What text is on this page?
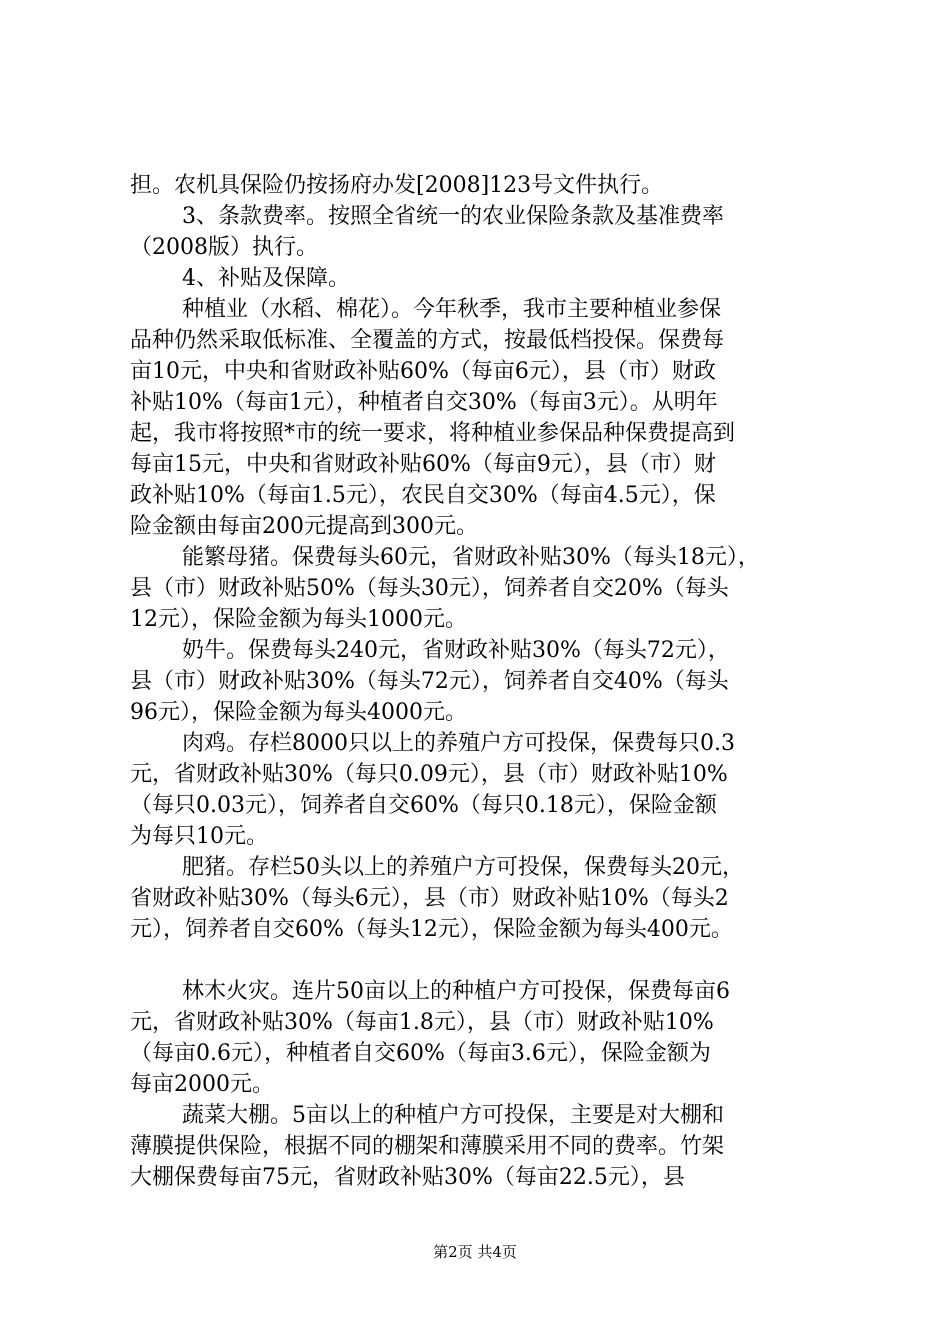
担。农机具保险仍按扬府办发[2008]123号文件执行。
3、条款费率。按照全省统一的农业保险条款及基准费率
（2008版）执行。
4、补贴及保障。
种植业（水稻、棉花）。今年秋季，我市主要种植业参保
品种仍然采取低标准、全覆盖的方式，按最低档投保。保费每
亩10元，中央和省财政补贴60%（每亩6元），县（市）财政
补贴10%（每亩1元），种植者自交30%（每亩3元）。从明年
起，我市将按照*市的统一要求，将种植业参保品种保费提高到
每亩15元，中央和省财政补贴60%（每亩9元），县（市）财
政补贴10%（每亩1.5元），农民自交30%（每亩4.5元），保
险金额由每亩200元提高到300元。
能繁母猪。保费每头60元，省财政补贴30%（每头18元），
县（市）财政补贴50%（每头30元），饲养者自交20%（每头
12元），保险金额为每头1000元。
奶牛。保费每头240元，省财政补贴30%（每头72元），
县（市）财政补贴30%（每头72元），饲养者自交40%（每头
96元），保险金额为每头4000元。
肉鸡。存栏8000只以上的养殖户方可投保，保费每只0.3
元，省财政补贴30%（每只0.09元），县（市）财政补贴10%
（每只0.03元），饲养者自交60%（每只0.18元），保险金额
为每只10元。
肥猪。存栏50头以上的养殖户方可投保，保费每头20元，
省财政补贴30%（每头6元），县（市）财政补贴10%（每头2
元），饲养者自交60%（每头12元），保险金额为每头400元。
林木火灾。连片50亩以上的种植户方可投保，保费每亩6
元，省财政补贴30%（每亩1.8元），县（市）财政补贴10%
（每亩0.6元），种植者自交60%（每亩3.6元），保险金额为
每亩2000元。
蔬菜大棚。5亩以上的种植户方可投保，主要是对大棚和
薄膜提供保险，根据不同的棚架和薄膜采用不同的费率。竹架
大棚保费每亩75元，省财政补贴30%（每亩22.5元），县
第2页 共4页
